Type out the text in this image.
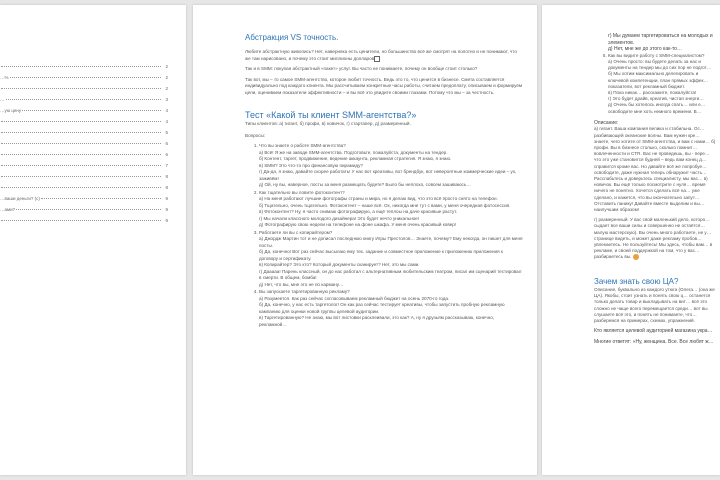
2
…%	2
2
…	3
…ую цену	4
4
5
6
6
7
8
8
…ваши деньги? (с)	9
…ами?	9
9
Абстракция VS точность.

Любите абстрактную живопись? Нет, наверняка есть ценители, но большинство всё же смотрят на полотно и не понимают, что же там нарисовано, и почему это стоит миллионы долларов

Так и в SMM: покупая абстрактный «пакет» услуг. Вы часто не понимаете, почему он вообще стоит столько?

Так вот, мы – то самое SMM-агентство, которое любит точность. Ведь это то, что ценится в бизнесе. Смета составляется индивидуально под каждого клиента. Мы рассчитываем конкретные часы работы, считаем предоплату, описываем и формируем цели, оцениваем показатели эффективности – и вы всё это увидите своими глазами. Потому что мы – за честность.

Тест «Какой ты клиент SMM-агентства?»

Типы клиентов: а) гигант, б) профи, в) новичок, г) стартапер, д) размеренный.

Вопросы:

1. Что вы знаете о работе SMM-агентства?
а) Всё! Я же на заводе SMM-агентства. Подготовьте, пожалуйста, документы на тендер.
б) Контент, таргет, продвижение, ведение аккаунта, рекламная стратегия. Я знаю, я знаю.
в) SMM? Это что-то про финансовую пирамиду?
г) Да-да, я знаю, давайте скорее работать! У нас вот креативы, вот брендбук, вот невероятные коммерческие идеи – ух, заживём!
д) Ой, ну вы, наверное, посты за меня размещать будете? Было бы неплохо, совсем зашиваюсь…
2. Как тщательно вы ловите фотоконтент?
а) На меня работают лучшие фотографы страны и мира, но я делаю вид, что это всё просто снято на телефон.
б) Тщательно, очень тщательно. Фотоконтент – наше всё. Ох, никогда мне тут с вами, у меня очередная фотосессия.
в) Фотоконтент? Ну, я часто снимаю фотографирую, а ещё теплоы на даче красивые растут.
г) Мы начали классного молодого дизайнера! Это будет нечто уникальное!
д) Фотографирую свою недели на телефоне на фоне шкафа. У меня очень красивый ковер!
3. Работаете ли вы с копирайтером?
а) Джордж Мартин тот и не дописал последнюю книгу Игры Престолов… Знаете, почему? Ему некогда, он пишет для меня посты.
б) Да, конечно! Вот раз сейчас высылаю ему тех. задание и совместное приложение к приложению приложения к договору и сертификату.
в) Копирайтер? Это кто? Который документы сканирует? Нет, это мы сами.
г) Дааааа! Парень классный, он до нас работал с альтернативным любительским театром, писал им сценарий тестировал в смерти. В общем, бомба!
д) Нет, что вы, мне это не по карману…
4. Вы запускаете таргетированную рекламу?
а) Разумеется. Как раз сейчас согласовываем рекламный бюджет на осень 2070-го года.
б) Да, конечно, у нас есть таргетолог! Он как раз сейчас тестирует креативы, чтобы запустить пробную рекламную кампанию для оценки новой группы целевой аудитории.
в) Таргетированную? Не знаю, мы вот листовки расклеивали, это как? А, ну я друзьям рассказываю, конечно, рекламной…
г) Мы думаем таргетироваться на молодых и элементов.
д) Нет, мне же до этого как-то…
5. Как вы видите работу с SMM-специалистом?
а) Очень просто: вы будете делать за нас и документы на тендер мы до сих пор не подгот…
б) Мы хотим максимально делегировать и ключевой компетенции, план прямых эффек… показатели, вот рекламный бюджет.
в) Пока никак… расскажите, пожалуйста!
г) Это будет драйв, креатив, чистая энерги…
д) Очень бы хотелось иногда спать… или е… освободите мне хоть немного времени. В…

Описание:

а) гигант. Ваша компания велика и стабильна. Ос… разбивающей океанские волны. Вам нужен кре… знаете, чего хотите от SMM-агентства, и вам с нами… б) профи. Вы в бизнесе столько, сколько помнит… вовлеченности и CTR. Вас не проведешь, вы - пере… что это уже становится будней – ведь вам конец д… справится кроме вас. Но давайте всё же попробуе… освободите, даже нужная теперь обнаружит часть… Расслабьтесь и доверьтесь специалисту, мы вас… в) новичок. Вы ещё только посмотрите с нуля… время ничего не понятно. Хочется сделать всё на… уже сделано, и кажется, что вы окончательно запут… Отставить панику! Давайте вместе выделим и вы… наилучшим образом!

г) размеренный. У вас свой маленький дело, которо… сыдает все ваши силы и совершенно не остаётся… малую мастерскую). Вы очень много работаете, не у… странице видеть, и может даже рекламу пробов… увлекаетесь. Не пользуйтесь! Мы здесь, чтобы вам… в рекламе, и своей поддержкой на том, что у вас… разбираетесь вы.

Зачем знать свою ЦА?

Описание, буквально из каждого утюга (Олега… (она же ЦА). Якобы, стоит узнать и понять свою ц… останется только делать товар и выкладывать на вит… всё это сложно не чаще всего перемещается среди… вот вы слушаете всё это, и понять не понимаете, что… разберемся на примерах, схемах, упражнений.

Кто является целевой аудиторией магазина укра…

Многие ответят: «Ну, женщина. Все. Все любят ж…
